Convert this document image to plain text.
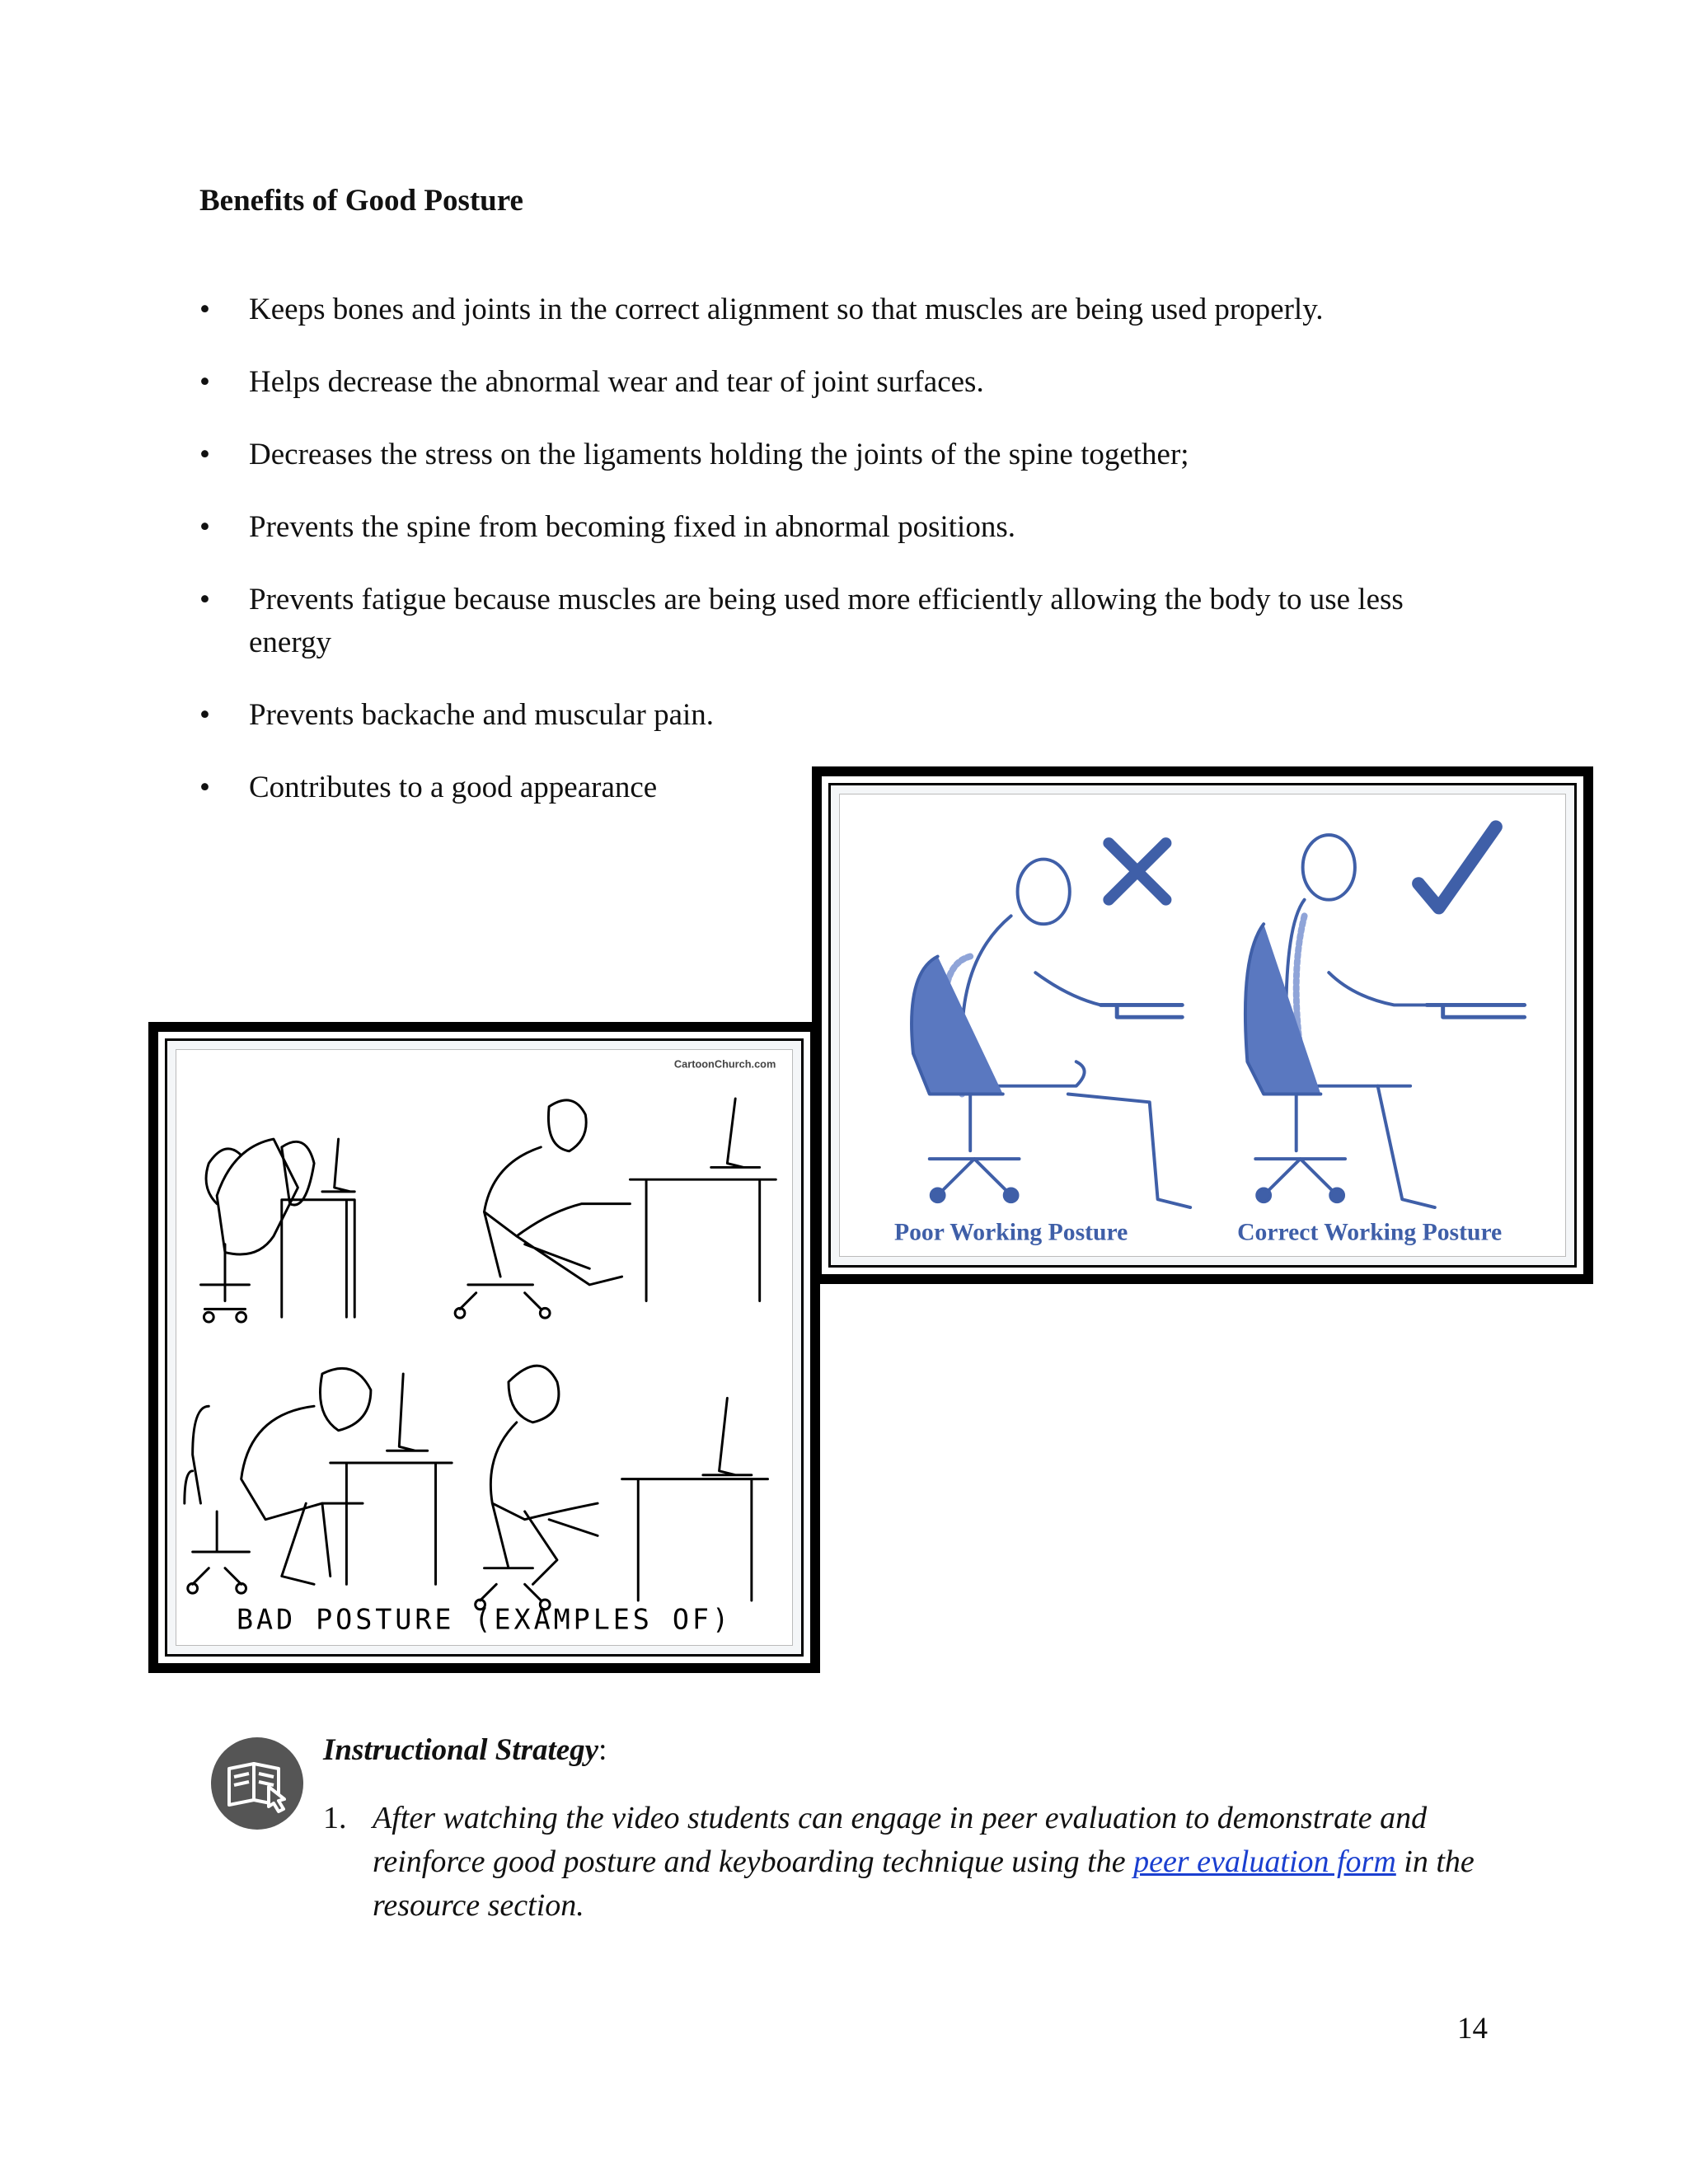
Benefits of Good Posture
• Keeps bones and joints in the correct alignment so that muscles are being used properly.
• Helps decrease the abnormal wear and tear of joint surfaces.
• Decreases the stress on the ligaments holding the joints of the spine together;
• Prevents the spine from becoming fixed in abnormal positions.
• Prevents fatigue because muscles are being used more efficiently allowing the body to use less energy
• Prevents backache and muscular pain.
• Contributes to a good appearance
CartoonChurch.com
BAD POSTURE (EXAMPLES OF)
Poor Working Posture	Correct Working Posture
Instructional Strategy:
1. After watching the video students can engage in peer evaluation to demonstrate and reinforce good posture and keyboarding technique using the peer evaluation form in the resource section.
14
